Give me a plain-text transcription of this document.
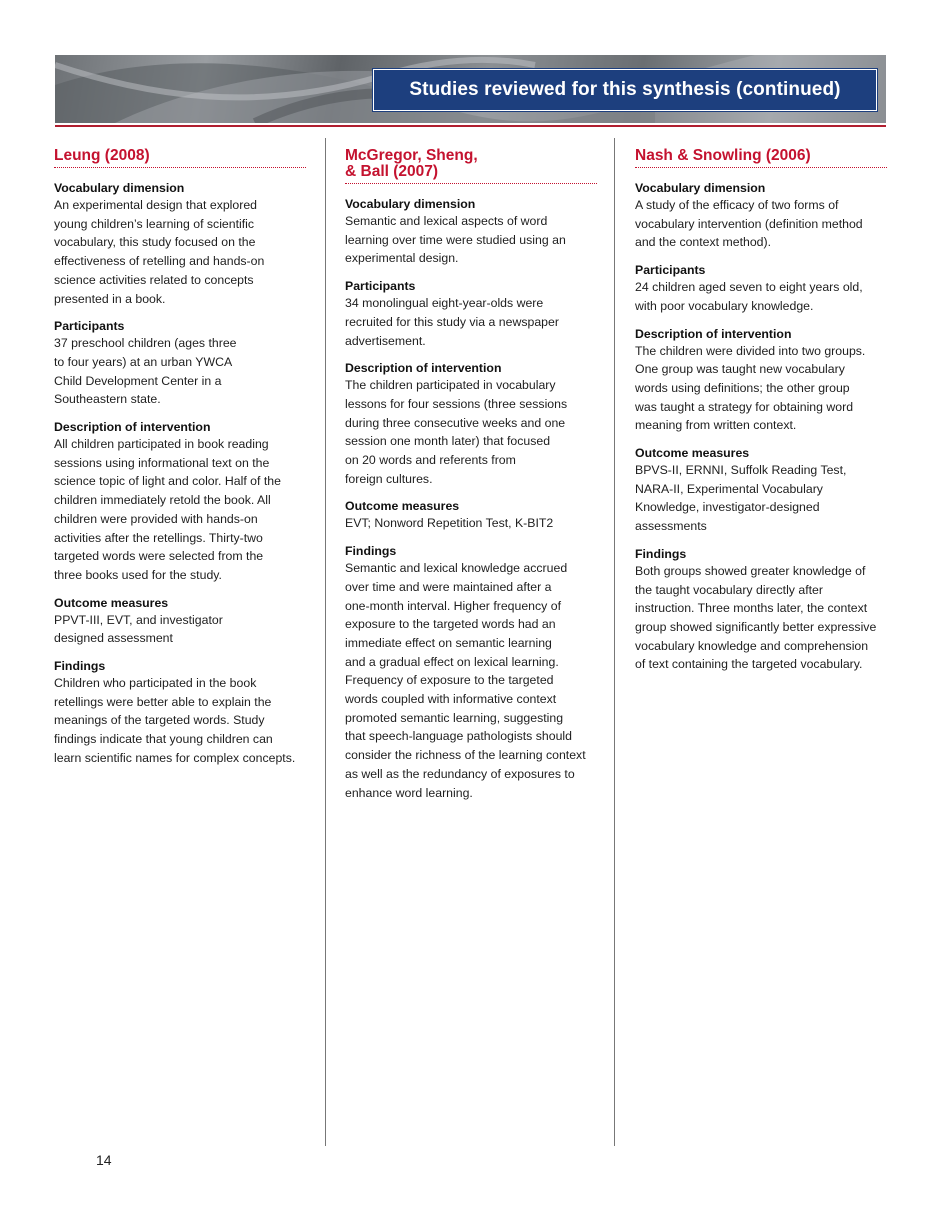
Studies reviewed for this synthesis (continued)
Leung (2008)
Vocabulary dimension

An experimental design that explored
young children’s learning of scientific
vocabulary, this study focused on the
effectiveness of retelling and hands-on
science activities related to concepts
presented in a book.

Participants

37 preschool children (ages three
to four years) at an urban YWCA
Child Development Center in a
Southeastern state.

Description of intervention

All children participated in book reading
sessions using informational text on the
science topic of light and color. Half of the
children immediately retold the book. All
children were provided with hands-on
activities after the retellings. Thirty-two
targeted words were selected from the
three books used for the study.

Outcome measures

PPVT-III, EVT, and investigator
designed assessment

Findings

Children who participated in the book
retellings were better able to explain the
meanings of the targeted words. Study
findings indicate that young children can
learn scientific names for complex concepts.

McGregor, Sheng,
& Ball (2007)
Vocabulary dimension

Semantic and lexical aspects of word
learning over time were studied using an
experimental design.

Participants

34 monolingual eight-year-olds were
recruited for this study via a newspaper
advertisement.

Description of intervention

The children participated in vocabulary
lessons for four sessions (three sessions
during three consecutive weeks and one
session one month later) that focused
on 20 words and referents from
foreign cultures.

Outcome measures

EVT; Nonword Repetition Test, K-BIT2

Findings

Semantic and lexical knowledge accrued
over time and were maintained after a
one-month interval. Higher frequency of
exposure to the targeted words had an
immediate effect on semantic learning
and a gradual effect on lexical learning.
Frequency of exposure to the targeted
words coupled with informative context
promoted semantic learning, suggesting
that speech-language pathologists should
consider the richness of the learning context
as well as the redundancy of exposures to
enhance word learning.

Nash & Snowling (2006)
Vocabulary dimension

A study of the efficacy of two forms of
vocabulary intervention (definition method
and the context method).

Participants

24 children aged seven to eight years old,
with poor vocabulary knowledge.

Description of intervention

The children were divided into two groups.
One group was taught new vocabulary
words using definitions; the other group
was taught a strategy for obtaining word
meaning from written context.

Outcome measures

BPVS-II, ERNNI, Suffolk Reading Test,
NARA-II, Experimental Vocabulary
Knowledge, investigator-designed
assessments

Findings

Both groups showed greater knowledge of
the taught vocabulary directly after
instruction. Three months later, the context
group showed significantly better expressive
vocabulary knowledge and comprehension
of text containing the targeted vocabulary.

14
